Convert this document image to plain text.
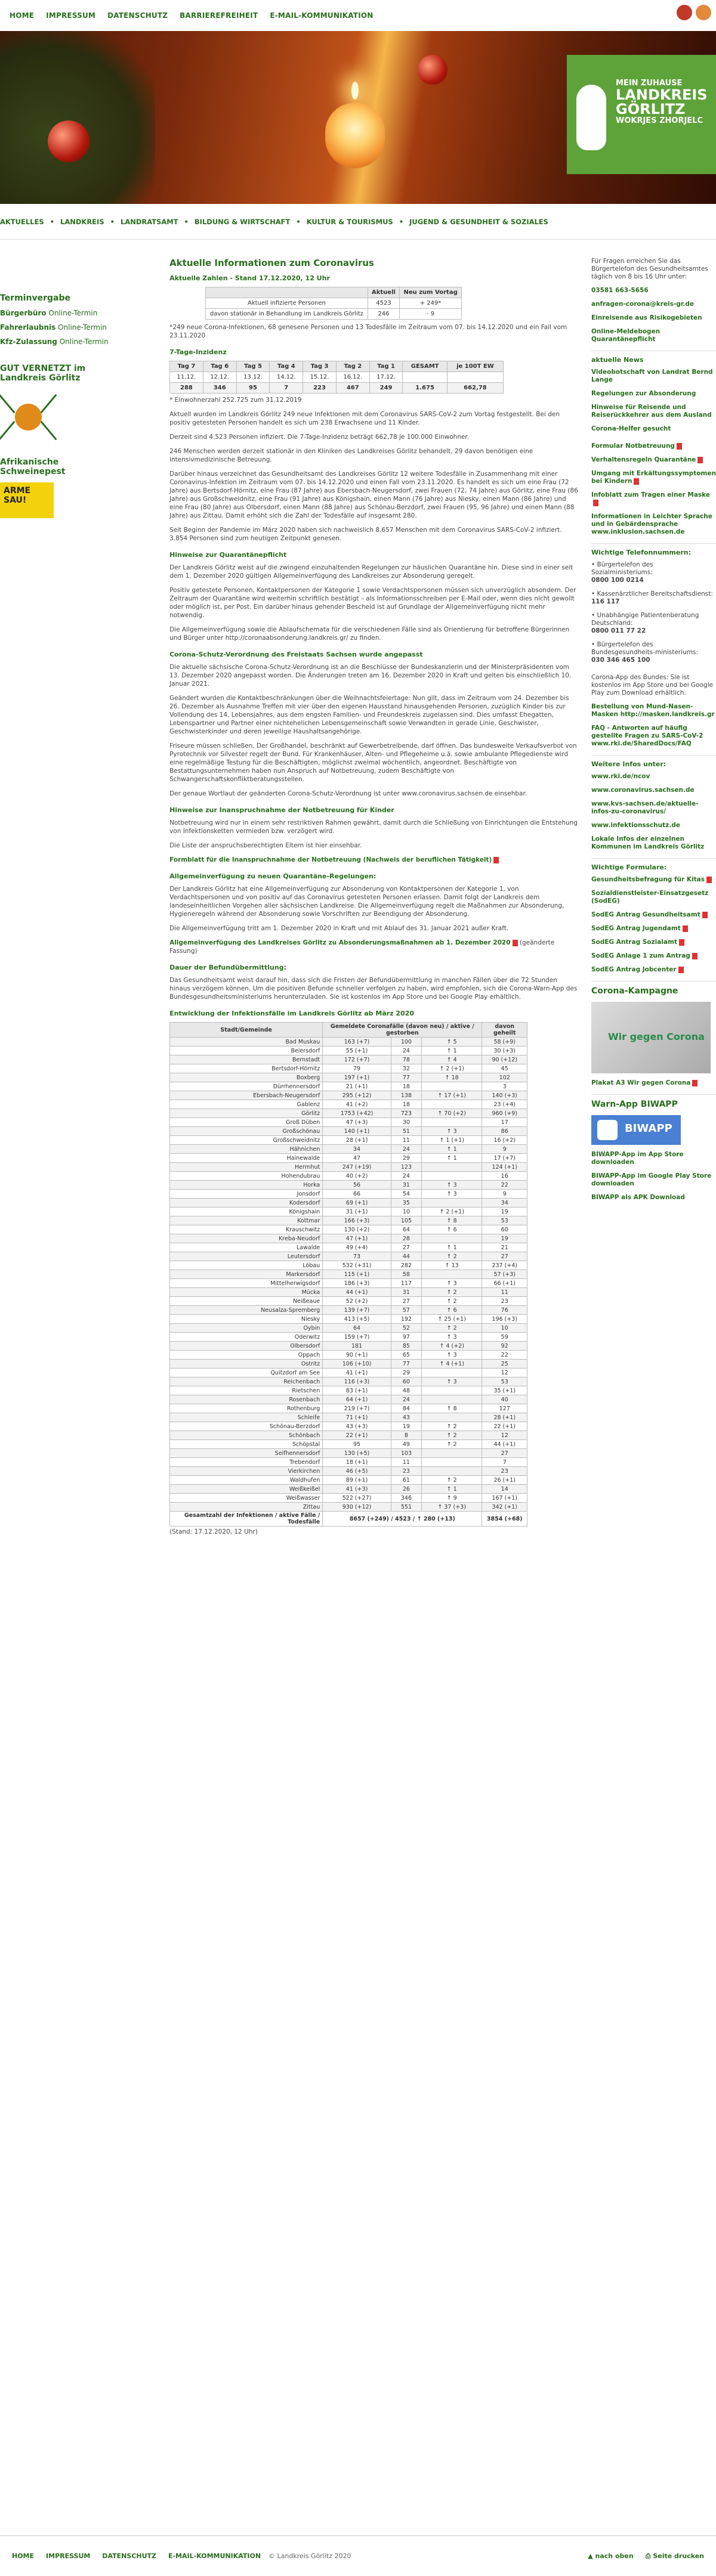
HOME IMPRESSUM DATENSCHUTZ BARRIEREFREIHEIT E-MAIL-KOMMUNIKATION
MEIN ZUHAUSE
LANDKREIS
GÖRLITZ
WOKRJES ZHORJELC
AKTUELLES • LANDKREIS • LANDRATSAMT • BILDUNG & WIRTSCHAFT • KULTUR & TOURISMUS • JUGEND & GESUNDHEIT & SOZIALES
Terminvergabe
Bürgerbüro Online-Termin
Fahrerlaubnis Online-Termin
Kfz-Zulassung Online-Termin
GUT VERNETZT im Landkreis Görlitz
Afrikanische Schweinepest
ARME SAU!
Aktuelle Informationen zum Coronavirus
Aktuelle Zahlen - Stand 17.12.2020, 12 Uhr
	Aktuell	Neu zum Vortag
Aktuell infizierte Personen	4523	+ 249*
davon stationär in Behandlung im Landkreis Görlitz	246	- 9

*249 neue Corona-Infektionen, 68 genesene Personen und 13 Todesfälle im Zeitraum vom 07. bis 14.12.2020 und ein Fall vom 23.11.2020

7-Tage-Inzidenz
Tag 7	Tag 6	Tag 5	Tag 4	Tag 3	Tag 2	Tag 1	GESAMT	je 100T EW
11.12.	12.12.	13.12.	14.12.	15.12.	16.12.	17.12.		
288	346	95	7	223	467	249	1.675	662,78

* Einwohnerzahl 252.725 zum 31.12.2019

Aktuell wurden im Landkreis Görlitz 249 neue Infektionen mit dem Coronavirus SARS-CoV-2 zum Vortag festgestellt. Bei den positiv getesteten Personen handelt es sich um 238 Erwachsene und 11 Kinder.

Derzeit sind 4.523 Personen infiziert. Die 7-Tage-Inzidenz beträgt 662,78 je 100.000 Einwohner.

246 Menschen werden derzeit stationär in den Kliniken des Landkreises Görlitz behandelt, 29 davon benötigen eine intensivmedizinische Betreuung.

Darüber hinaus verzeichnet das Gesundheitsamt des Landkreises Görlitz 12 weitere Todesfälle in Zusammenhang mit einer Coronavirus-Infektion im Zeitraum vom 07. bis 14.12.2020 und einen Fall vom 23.11.2020. Es handelt es sich um eine Frau (72 Jahre) aus Bertsdorf-Hörnitz, eine Frau (87 Jahre) aus Ebersbach-Neugersdorf, zwei Frauen (72, 74 Jahre) aus Görlitz, eine Frau (86 Jahre) aus Großschweidnitz, eine Frau (91 Jahre) aus Königshain, einen Mann (76 Jahre) aus Niesky, einen Mann (86 Jahre) und eine Frau (80 Jahre) aus Olbersdorf, einen Mann (88 Jahre) aus Schönau-Berzdorf, zwei Frauen (95, 96 Jahre) und einen Mann (88 Jahre) aus Zittau. Damit erhöht sich die Zahl der Todesfälle auf insgesamt 280.

Seit Beginn der Pandemie im März 2020 haben sich nachweislich 8.657 Menschen mit dem Coronavirus SARS-CoV-2 infiziert. 3.854 Personen sind zum heutigen Zeitpunkt genesen.

Hinweise zur Quarantänepflicht

Der Landkreis Görlitz weist auf die zwingend einzuhaltenden Regelungen zur häuslichen Quarantäne hin. Diese sind in einer seit dem 1. Dezember 2020 gültigen Allgemeinverfügung des Landkreises zur Absonderung geregelt.

Positiv getestete Personen, Kontaktpersonen der Kategorie 1 sowie Verdachtspersonen müssen sich unverzüglich absondern. Der Zeitraum der Quarantäne wird weiterhin schriftlich bestätigt – als Informationsschreiben per E-Mail oder, wenn dies nicht gewollt oder möglich ist, per Post. Ein darüber hinaus gehender Bescheid ist auf Grundlage der Allgemeinverfügung nicht mehr notwendig.

Die Allgemeinverfügung sowie die Ablaufschemata für die verschiedenen Fälle sind als Orientierung für betroffene Bürgerinnen und Bürger unter http://coronaabsonderung.landkreis.gr/ zu finden.

Corona-Schutz-Verordnung des Freistaats Sachsen wurde angepasst

Die aktuelle sächsische Corona-Schutz-Verordnung ist an die Beschlüsse der Bundeskanzlerin und der Ministerpräsidenten vom 13. Dezember 2020 angepasst worden. Die Änderungen treten am 16. Dezember 2020 in Kraft und gelten bis einschließlich 10. Januar 2021.

Geändert wurden die Kontaktbeschränkungen über die Weihnachtsfeiertage: Nun gilt, dass im Zeitraum vom 24. Dezember bis 26. Dezember als Ausnahme Treffen mit vier über den eigenen Hausstand hinausgehenden Personen, zuzüglich Kinder bis zur Vollendung des 14. Lebensjahres, aus dem engsten Familien- und Freundeskreis zugelassen sind. Dies umfasst Ehegatten, Lebenspartner und Partner einer nichtehelichen Lebensgemeinschaft sowie Verwandten in gerade Linie, Geschwister, Geschwisterkinder und deren jeweilige Haushaltsangehörige.

Friseure müssen schließen. Der Großhandel, beschränkt auf Gewerbetreibende, darf öffnen. Das bundesweite Verkaufsverbot von Pyrotechnik vor Silvester regelt der Bund. Für Krankenhäuser, Alten- und Pflegeheime u.ä. sowie ambulante Pflegedienste wird eine regelmäßige Testung für die Beschäftigten, möglichst zweimal wöchentlich, angeordnet. Beschäftigte von Bestattungsunternehmen haben nun Anspruch auf Notbetreuung, zudem Beschäftigte von Schwangerschaftskonfliktberatungsstellen.

Der genaue Wortlaut der geänderten Corona-Schutz-Verordnung ist unter www.coronavirus.sachsen.de einsehbar.

Hinweise zur Inanspruchnahme der Notbetreuung für Kinder

Notbetreuung wird nur in einem sehr restriktiven Rahmen gewährt, damit durch die Schließung von Einrichtungen die Entstehung von Infektionsketten vermieden bzw. verzögert wird.

Die Liste der anspruchsberechtigten Eltern ist hier einsehbar.

Formblatt für die Inanspruchnahme der Notbetreuung (Nachweis der beruflichen Tätigkeit)

Allgemeinverfügung zu neuen Quarantäne-Regelungen:

Der Landkreis Görlitz hat eine Allgemeinverfügung zur Absonderung von Kontaktpersonen der Kategorie 1, von Verdachtspersonen und von positiv auf das Coronavirus getesteten Personen erlassen. Damit folgt der Landkreis dem landeseinheitlichen Vorgehen aller sächsischen Landkreise. Die Allgemeinverfügung regelt die Maßnahmen zur Absonderung, Hygieneregeln während der Absonderung sowie Vorschriften zur Beendigung der Absonderung.

Die Allgemeinverfügung tritt am 1. Dezember 2020 in Kraft und mit Ablauf des 31. Januar 2021 außer Kraft.

Allgemeinverfügung des Landkreises Görlitz zu Absonderungsmaßnahmen ab 1. Dezember 2020 (geänderte Fassung)

Dauer der Befundübermittlung:

Das Gesundheitsamt weist darauf hin, dass sich die Fristen der Befundübermittlung in manchen Fällen über die 72 Stunden hinaus verzögern können. Um die positiven Befunde schneller verfolgen zu haben, wird empfohlen, sich die Corona-Warn-App des Bundesgesundheitsministeriums herunterzuladen. Sie ist kostenlos im App Store und bei Google Play erhältlich.

Entwicklung der Infektionsfälle im Landkreis Görlitz ab März 2020
Stadt/Gemeinde	Gemeldete Coronafälle (davon neu) / aktive / gestorben			davon geheilt
Bad Muskau	163 (+7)	100	↑ 5	58 (+9)
Beiersdorf	55 (+1)	24	↑ 1	30 (+3)
Bernstadt	172 (+7)	78	↑ 4	90 (+12)
Bertsdorf-Hörnitz	79	32	↑ 2 (+1)	45
Boxberg	197 (+1)	77	↑ 18	102
Dürrhennersdorf	21 (+1)	18		3
Ebersbach-Neugersdorf	295 (+12)	138	↑ 17 (+1)	140 (+3)
Gablenz	41 (+2)	18		23 (+4)
Görlitz	1753 (+42)	723	↑ 70 (+2)	960 (+9)
Groß Düben	47 (+3)	30		17
Großschönau	140 (+1)	51	↑ 3	86
Großschweidnitz	28 (+1)	11	↑ 1 (+1)	16 (+2)
Hähnichen	34	24	↑ 1	9
Hainewalde	47	29	↑ 1	17 (+7)
Herrnhut	247 (+19)	123		124 (+1)
Hohendubrau	40 (+2)	24		16
Horka	56	31	↑ 3	22
Jonsdorf	66	54	↑ 3	9
Kodersdorf	69 (+1)	35		34
Königshain	31 (+1)	10	↑ 2 (+1)	19
Kottmar	166 (+3)	105	↑ 8	53
Krauschwitz	130 (+2)	64	↑ 6	60
Kreba-Neudorf	47 (+1)	28		19
Lawalde	49 (+4)	27	↑ 1	21
Leutersdorf	73	44	↑ 2	27
Löbau	532 (+31)	282	↑ 13	237 (+4)
Markersdorf	115 (+1)	58		57 (+3)
Mittelherwigsdorf	186 (+3)	117	↑ 3	66 (+1)
Mücka	44 (+1)	31	↑ 2	11
Neißeaue	52 (+2)	27	↑ 2	23
Neusalza-Spremberg	139 (+7)	57	↑ 6	76
Niesky	413 (+5)	192	↑ 25 (+1)	196 (+3)
Oybin	64	52	↑ 2	10
Oderwitz	159 (+7)	97	↑ 3	59
Olbersdorf	181	85	↑ 4 (+2)	92
Oppach	90 (+1)	65	↑ 3	22
Ostritz	106 (+10)	77	↑ 4 (+1)	25
Quitzdorf am See	41 (+1)	29		12
Reichenbach	116 (+3)	60	↑ 3	53
Rietschen	83 (+1)	48		35 (+1)
Rosenbach	64 (+1)	24		40
Rothenburg	219 (+7)	84	↑ 8	127
Schleife	71 (+1)	43		28 (+1)
Schönau-Berzdorf	43 (+3)	19	↑ 2	22 (+1)
Schönbach	22 (+1)	8	↑ 2	12
Schöpstal	95	49	↑ 2	44 (+1)
Seifhennersdorf	130 (+5)	103		27
Trebendorf	18 (+1)	11		7
Vierkirchen	46 (+5)	23		23
Waldhufen	89 (+1)	61	↑ 2	26 (+1)
Weißkeißel	41 (+3)	26	↑ 1	14
Weißwasser	522 (+27)	346	↑ 9	167 (+1)
Zittau	930 (+12)	551	↑ 37 (+3)	342 (+1)
Gesamtzahl der Infektionen / aktive Fälle / Todesfälle	8657 (+249) / 4523 / ↑ 280 (+13)			3854 (+68)

(Stand: 17.12.2020, 12 Uhr)

Für Fragen erreichen Sie das Bürgertelefon des Gesundheitsamtes täglich von 8 bis 16 Uhr unter:
03581 663-5656
anfragen-corona@kreis-gr.de
Einreisende aus Risikogebieten
Online-Meldebogen Quarantänepflicht
aktuelle News
Videobotschaft von Landrat Bernd Lange
Regelungen zur Absonderung
Hinweise für Reisende und Reiserückkehrer aus dem Ausland
Corona-Helfer gesucht
Formular Notbetreuung
Verhaltensregeln Quarantäne
Umgang mit Erkältungssymptomen bei Kindern
Infoblatt zum Tragen einer Maske
Informationen in Leichter Sprache und in Gebärdensprache www.inklusion.sachsen.de
Wichtige Telefonnummern:
• Bürgertelefon des Sozialministeriums:
0800 100 0214
• Kassenärztlicher Bereitschaftsdienst:
116 117
• Unabhängige Patientenberatung Deutschland:
0800 011 77 22
• Bürgertelefon des Bundesgesundheits-ministeriums:
030 346 465 100
Corona-App des Bundes: Sie ist kostenlos im App Store und bei Google Play zum Download erhältlich.
Bestellung von Mund-Nasen-Masken http://masken.landkreis.gr
FAQ - Antworten auf häufig gestellte Fragen zu SARS-CoV-2 www.rki.de/SharedDocs/FAQ
Weitere Infos unter:
www.rki.de/ncov
www.coronavirus.sachsen.de
www.kvs-sachsen.de/aktuelle-infos-zu-coronavirus/
www.infektionsschutz.de
Lokale Infos der einzelnen Kommunen im Landkreis Görlitz
Wichtige Formulare:
Gesundheitsbefragung für Kitas
Sozialdienstleister-Einsatzgesetz (SodEG)
SodEG Antrag Gesundheitsamt
SodEG Antrag Jugendamt
SodEG Antrag Sozialamt
SodEG Anlage 1 zum Antrag
SodEG Antrag Jobcenter
Corona-Kampagne
Wir gegen Corona
Plakat A3 Wir gegen Corona
Warn-App BIWAPP
BIWAPP
BIWAPP-App im App Store downloaden
BIWAPP-App im Google Play Store downloaden
BIWAPP als APK Download
HOME IMPRESSUM DATENSCHUTZ E-MAIL-KOMMUNIKATION © Landkreis Görlitz 2020	▲ nach oben ⎙ Seite drucken
